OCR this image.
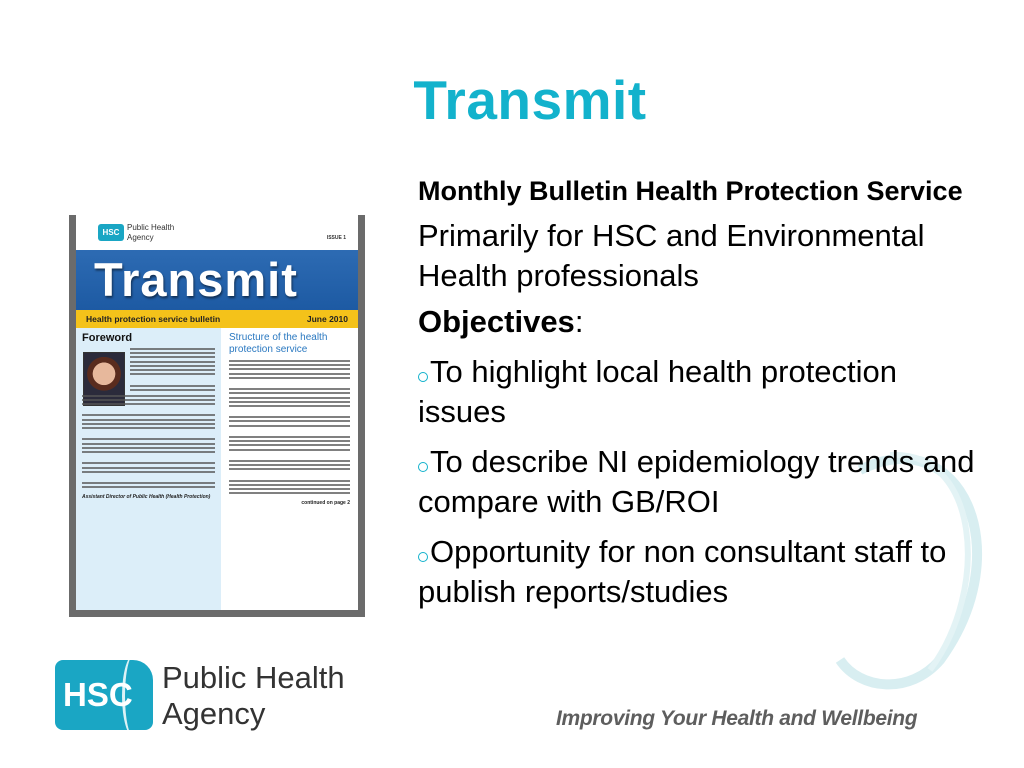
Transmit
HSC
Public Health
Agency	ISSUE 1
Transmit
Health protection service bulletin	June 2010
Foreword
Assistant Director of Public Health (Health Protection)
Structure of the health protection service
continued on page 2
Monthly Bulletin Health Protection Service
Primarily for HSC and Environmental Health professionals
Objectives:
To highlight local health protection issues
To describe NI epidemiology trends and compare with GB/ROI
Opportunity for non consultant staff to publish reports/studies
HSC Public Health
Agency	Improving Your Health and Wellbeing
